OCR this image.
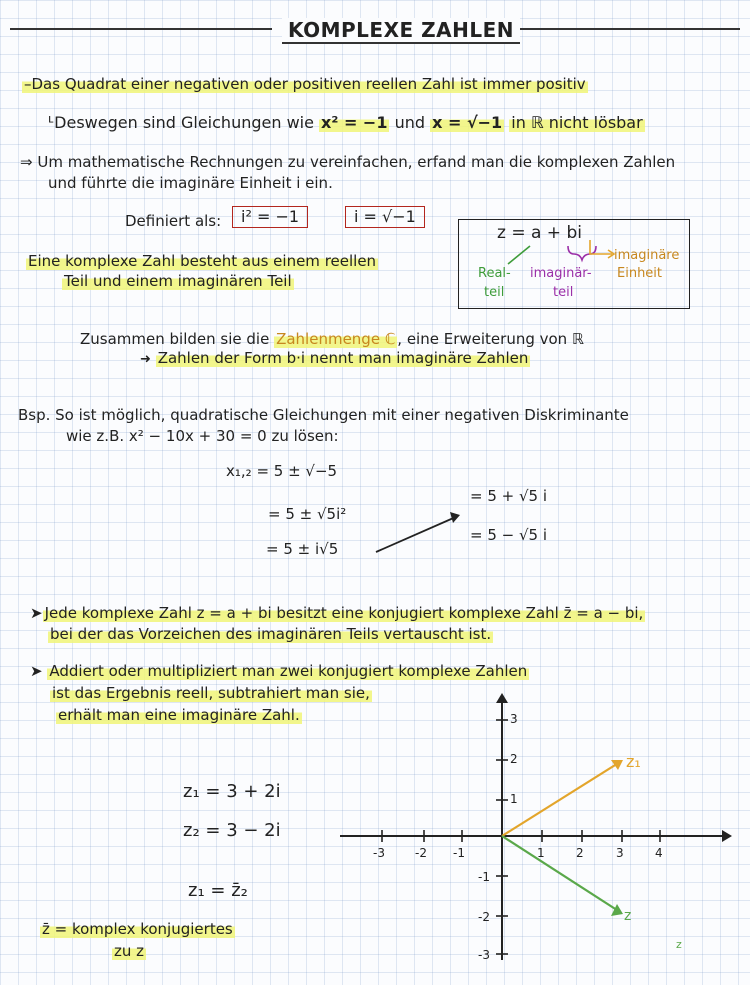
KOMPLEXE ZAHLEN
–Das Quadrat einer negativen oder positiven reellen Zahl ist immer positiv
ᒻDeswegen sind Gleichungen wie x² = −1 und x = √−1 in ℝ nicht lösbar
⇒ Um mathematische Rechnungen zu vereinfachen, erfand man die komplexen Zahlen
und führte die imaginäre Einheit i ein.
Definiert als:	i² = −1	i = √−1
z = a + bi
Real-
teil
imaginär-
teil
imaginäre
Einheit
Eine komplexe Zahl besteht aus einem reellen
Teil und einem imaginären Teil
Zusammen bilden sie die Zahlenmenge ℂ , eine Erweiterung von ℝ
➜ Zahlen der Form b·i nennt man imaginäre Zahlen
Bsp. So ist möglich, quadratische Gleichungen mit einer negativen Diskriminante
wie z.B. x² − 10x + 30 = 0 zu lösen:
x₁,₂ = 5 ± √−5
= 5 ± √5i²
= 5 ± i√5
= 5 + √5 i
= 5 − √5 i
➤ Jede komplexe Zahl z = a + bi besitzt eine konjugiert komplexe Zahl z̄ = a − bi,
bei der das Vorzeichen des imaginären Teils vertauscht ist.
➤ Addiert oder multipliziert man zwei konjugiert komplexe Zahlen
ist das Ergebnis reell, subtrahiert man sie,
erhält man eine imaginäre Zahl.
z₁ = 3 + 2i
z₂ = 3 − 2i
z₁ = z̄₂
z̄ = komplex konjugiertes
zu z
-3	-2 -1	1	2	3	4
3
2
1
-1
-2
-3
z₁
z
z
